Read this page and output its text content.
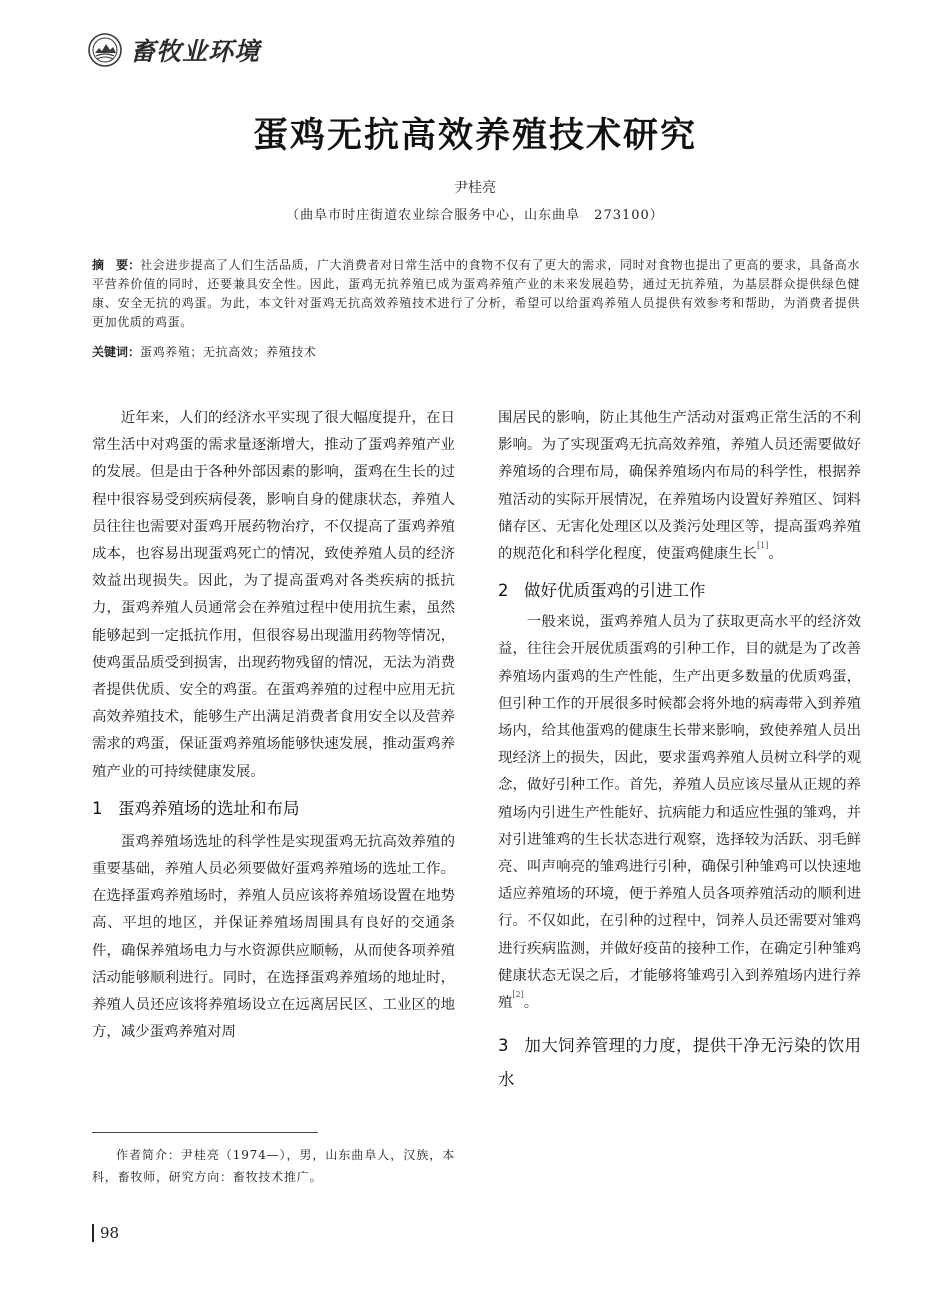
畜牧业环境
蛋鸡无抗高效养殖技术研究
尹桂亮
（曲阜市时庄街道农业综合服务中心，山东曲阜　273100）
摘　要：社会进步提高了人们生活品质，广大消费者对日常生活中的食物不仅有了更大的需求，同时对食物也提出了更高的要求，具备高水平营养价值的同时，还要兼具安全性。因此，蛋鸡无抗养殖已成为蛋鸡养殖产业的未来发展趋势，通过无抗养殖，为基层群众提供绿色健康、安全无抗的鸡蛋。为此，本文针对蛋鸡无抗高效养殖技术进行了分析，希望可以给蛋鸡养殖人员提供有效参考和帮助，为消费者提供更加优质的鸡蛋。
关键词：蛋鸡养殖；无抗高效；养殖技术

近年来，人们的经济水平实现了很大幅度提升，在日常生活中对鸡蛋的需求量逐渐增大，推动了蛋鸡养殖产业的发展。但是由于各种外部因素的影响，蛋鸡在生长的过程中很容易受到疾病侵袭，影响自身的健康状态，养殖人员往往也需要对蛋鸡开展药物治疗，不仅提高了蛋鸡养殖成本，也容易出现蛋鸡死亡的情况，致使养殖人员的经济效益出现损失。因此，为了提高蛋鸡对各类疾病的抵抗力，蛋鸡养殖人员通常会在养殖过程中使用抗生素，虽然能够起到一定抵抗作用，但很容易出现滥用药物等情况，使鸡蛋品质受到损害，出现药物残留的情况，无法为消费者提供优质、安全的鸡蛋。在蛋鸡养殖的过程中应用无抗高效养殖技术，能够生产出满足消费者食用安全以及营养需求的鸡蛋，保证蛋鸡养殖场能够快速发展，推动蛋鸡养殖产业的可持续健康发展。

1 蛋鸡养殖场的选址和布局

蛋鸡养殖场选址的科学性是实现蛋鸡无抗高效养殖的重要基础，养殖人员必须要做好蛋鸡养殖场的选址工作。在选择蛋鸡养殖场时，养殖人员应该将养殖场设置在地势高、平坦的地区，并保证养殖场周围具有良好的交通条件，确保养殖场电力与水资源供应顺畅，从而使各项养殖活动能够顺利进行。同时，在选择蛋鸡养殖场的地址时，养殖人员还应该将养殖场设立在远离居民区、工业区的地方，减少蛋鸡养殖对周

围居民的影响，防止其他生产活动对蛋鸡正常生活的不利影响。为了实现蛋鸡无抗高效养殖，养殖人员还需要做好养殖场的合理布局，确保养殖场内布局的科学性，根据养殖活动的实际开展情况，在养殖场内设置好养殖区、饲料储存区、无害化处理区以及粪污处理区等，提高蛋鸡养殖的规范化和科学化程度，使蛋鸡健康生长[1]。

2 做好优质蛋鸡的引进工作

一般来说，蛋鸡养殖人员为了获取更高水平的经济效益，往往会开展优质蛋鸡的引种工作，目的就是为了改善养殖场内蛋鸡的生产性能，生产出更多数量的优质鸡蛋，但引种工作的开展很多时候都会将外地的病毒带入到养殖场内，给其他蛋鸡的健康生长带来影响，致使养殖人员出现经济上的损失，因此，要求蛋鸡养殖人员树立科学的观念，做好引种工作。首先，养殖人员应该尽量从正规的养殖场内引进生产性能好、抗病能力和适应性强的雏鸡，并对引进雏鸡的生长状态进行观察，选择较为活跃、羽毛鲜亮、叫声响亮的雏鸡进行引种，确保引种雏鸡可以快速地适应养殖场的环境，便于养殖人员各项养殖活动的顺利进行。不仅如此，在引种的过程中，饲养人员还需要对雏鸡进行疾病监测，并做好疫苗的接种工作，在确定引种雏鸡健康状态无误之后，才能够将雏鸡引入到养殖场内进行养殖[2]。

3 加大饲养管理的力度，提供干净无污染的饮用水
作者简介：尹桂亮（1974—），男，山东曲阜人，汉族，本科，畜牧师，研究方向：畜牧技术推广。
98
